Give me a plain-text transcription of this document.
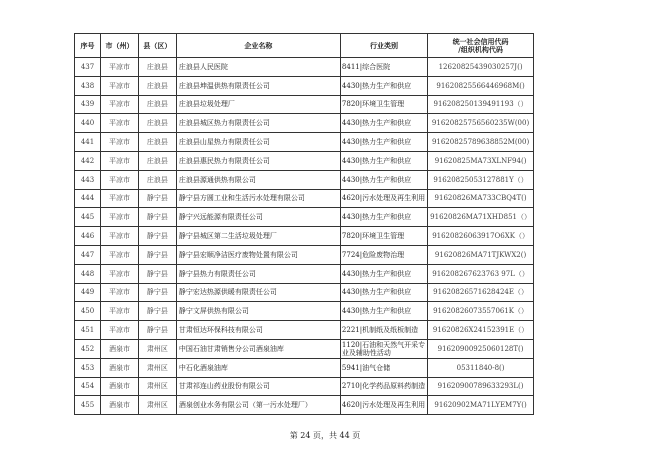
序号	市（州）	县（区）	企业名称	行业类别	统一社会信用代码
/组织机构代码
437	平凉市	庄浪县	庄浪县人民医院	8411|综合医院	12620825439030257J()
438	平凉市	庄浪县	庄浪县坤温供热有限责任公司	4430|热力生产和供应	91620825566446968M()
439	平凉市	庄浪县	庄浪县垃圾处理厂	7820|环境卫生管理	916208250139491193（）
440	平凉市	庄浪县	庄浪县城区热力有限责任公司	4430|热力生产和供应	91620825756560235W(00)
441	平凉市	庄浪县	庄浪县山星热力有限责任公司	4430|热力生产和供应	91620825789638852M(00)
442	平凉市	庄浪县	庄浪县惠民热力有限责任公司	4430|热力生产和供应	91620825MA73XLNF94()
443	平凉市	庄浪县	庄浪县源通供热有限公司	4430|热力生产和供应	91620825053127881Y（）
444	平凉市	静宁县	静宁县方圆工业和生活污水处理有限公司	4620|污水处理及再生利用	91620826MA733CBQ4T()
445	平凉市	静宁县	静宁兴远能源有限责任公司	4430|热力生产和供应	91620826MA71XHD851（）
446	平凉市	静宁县	静宁县城区第二生活垃圾处理厂	7820|环境卫生管理	91620826063917O6XK（）
447	平凉市	静宁县	静宁县宏顺净洁医疗废物处置有限公司	7724|危险废物治理	91620826MA71TJKWX2()
448	平凉市	静宁县	静宁县热力有限责任公司	4430|热力生产和供应	916208267623763 97L（）
449	平凉市	静宁县	静宁宏达热源供暖有限责任公司	4430|热力生产和供应	91620826571628424E（）
450	平凉市	静宁县	静宁文屏供热有限公司	4430|热力生产和供应	91620826073557061K（）
451	平凉市	静宁县	甘肃恒达环保科技有限公司	2221|机制纸及纸板制造	91620826X24152391E（）
452	酒泉市	肃州区	中国石油甘肃销售分公司酒泉油库	1120|石油和天然气开采专业及辅助性活动	91620900925060128T()
453	酒泉市	肃州区	中石化酒泉油库	5941|油气仓储	05311840-8()
454	酒泉市	肃州区	甘肃祁连山药业股份有限公司	2710|化学药品原料药制造	91620900789633293L()
455	酒泉市	肃州区	酒泉创业水务有限公司（第一污水处理厂）	4620|污水处理及再生利用	91620902MA71LYEM7Y()
第 24 页，共 44 页
